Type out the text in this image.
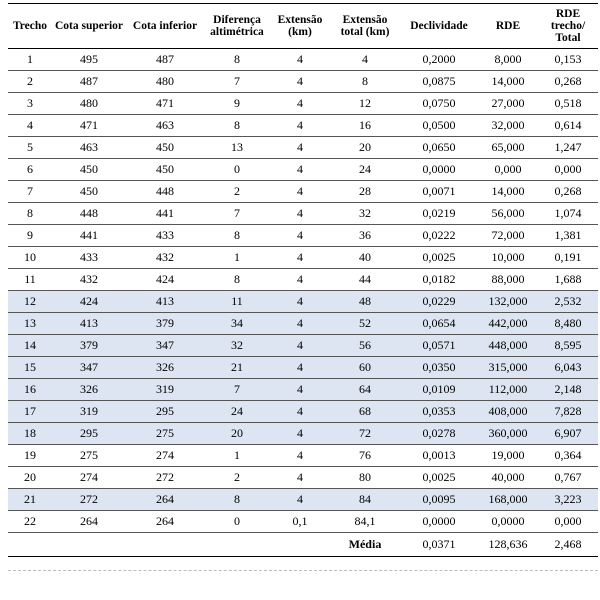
Trecho	Cota superior	Cota inferior	Diferença altimétrica	Extensão (km)	Extensão total (km)	Declividade	RDE	RDE trecho/ Total
1	495	487	8	4	4	0,2000	8,000	0,153
2	487	480	7	4	8	0,0875	14,000	0,268
3	480	471	9	4	12	0,0750	27,000	0,518
4	471	463	8	4	16	0,0500	32,000	0,614
5	463	450	13	4	20	0,0650	65,000	1,247
6	450	450	0	4	24	0,0000	0,000	0,000
7	450	448	2	4	28	0,0071	14,000	0,268
8	448	441	7	4	32	0,0219	56,000	1,074
9	441	433	8	4	36	0,0222	72,000	1,381
10	433	432	1	4	40	0,0025	10,000	0,191
11	432	424	8	4	44	0,0182	88,000	1,688
12	424	413	11	4	48	0,0229	132,000	2,532
13	413	379	34	4	52	0,0654	442,000	8,480
14	379	347	32	4	56	0,0571	448,000	8,595
15	347	326	21	4	60	0,0350	315,000	6,043
16	326	319	7	4	64	0,0109	112,000	2,148
17	319	295	24	4	68	0,0353	408,000	7,828
18	295	275	20	4	72	0,0278	360,000	6,907
19	275	274	1	4	76	0,0013	19,000	0,364
20	274	272	2	4	80	0,0025	40,000	0,767
21	272	264	8	4	84	0,0095	168,000	3,223
22	264	264	0	0,1	84,1	0,0000	0,0000	0,000
					Média	0,0371	128,636	2,468
